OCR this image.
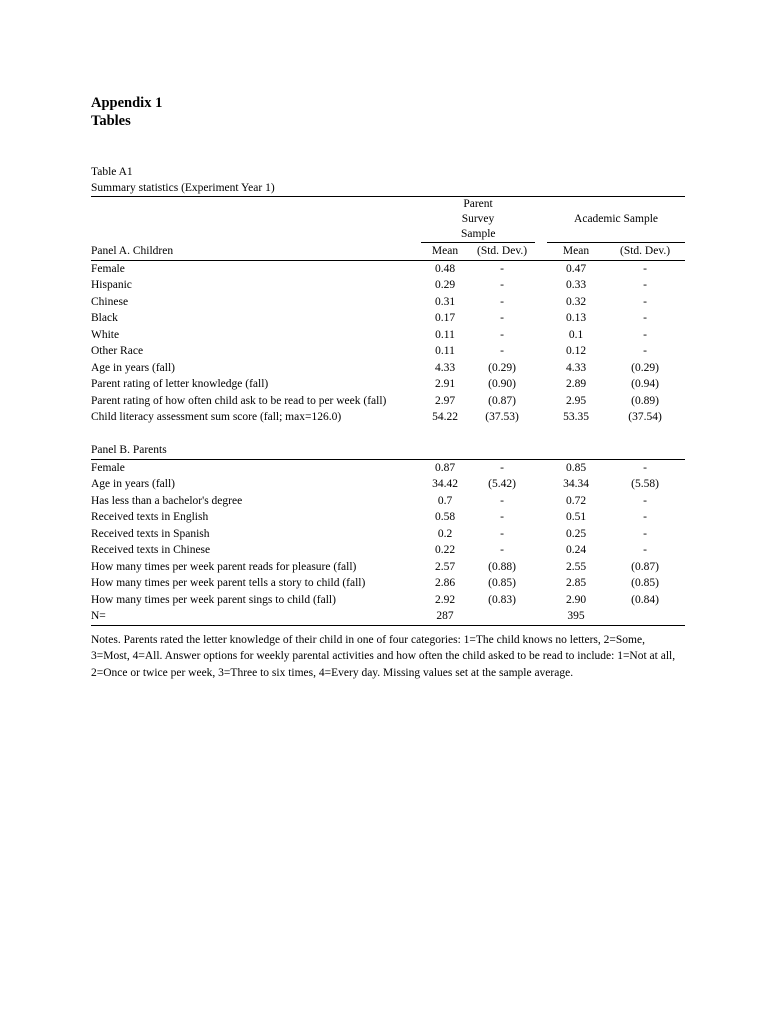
Appendix 1
Tables
Table A1
Summary statistics (Experiment Year 1)
	Parent Survey Sample			Academic Sample	
Panel A. Children	Mean	(Std. Dev.)		Mean	(Std. Dev.)
Female	0.48	-		0.47	-
Hispanic	0.29	-		0.33	-
Chinese	0.31	-		0.32	-
Black	0.17	-		0.13	-
White	0.11	-		0.1	-
Other Race	0.11	-		0.12	-
Age in years (fall)	4.33	(0.29)		4.33	(0.29)
Parent rating of letter knowledge (fall)	2.91	(0.90)		2.89	(0.94)
Parent rating of how often child ask to be read to per week (fall)	2.97	(0.87)		2.95	(0.89)
Child literacy assessment sum score (fall; max=126.0)	54.22	(37.53)		53.35	(37.54)

Panel B. Parents					
Female	0.87	-		0.85	-
Age in years (fall)	34.42	(5.42)		34.34	(5.58)
Has less than a bachelor's degree	0.7	-		0.72	-
Received texts in English	0.58	-		0.51	-
Received texts in Spanish	0.2	-		0.25	-
Received texts in Chinese	0.22	-		0.24	-
How many times per week parent reads for pleasure (fall)	2.57	(0.88)		2.55	(0.87)
How many times per week parent tells a story to child (fall)	2.86	(0.85)		2.85	(0.85)
How many times per week parent sings to child (fall)	2.92	(0.83)		2.90	(0.84)
N=	287			395	
Notes. Parents rated the letter knowledge of their child in one of four categories: 1=The child knows no letters, 2=Some, 3=Most, 4=All. Answer options for weekly parental activities and how often the child asked to be read to include: 1=Not at all, 2=Once or twice per week, 3=Three to six times, 4=Every day. Missing values set at the sample average.
